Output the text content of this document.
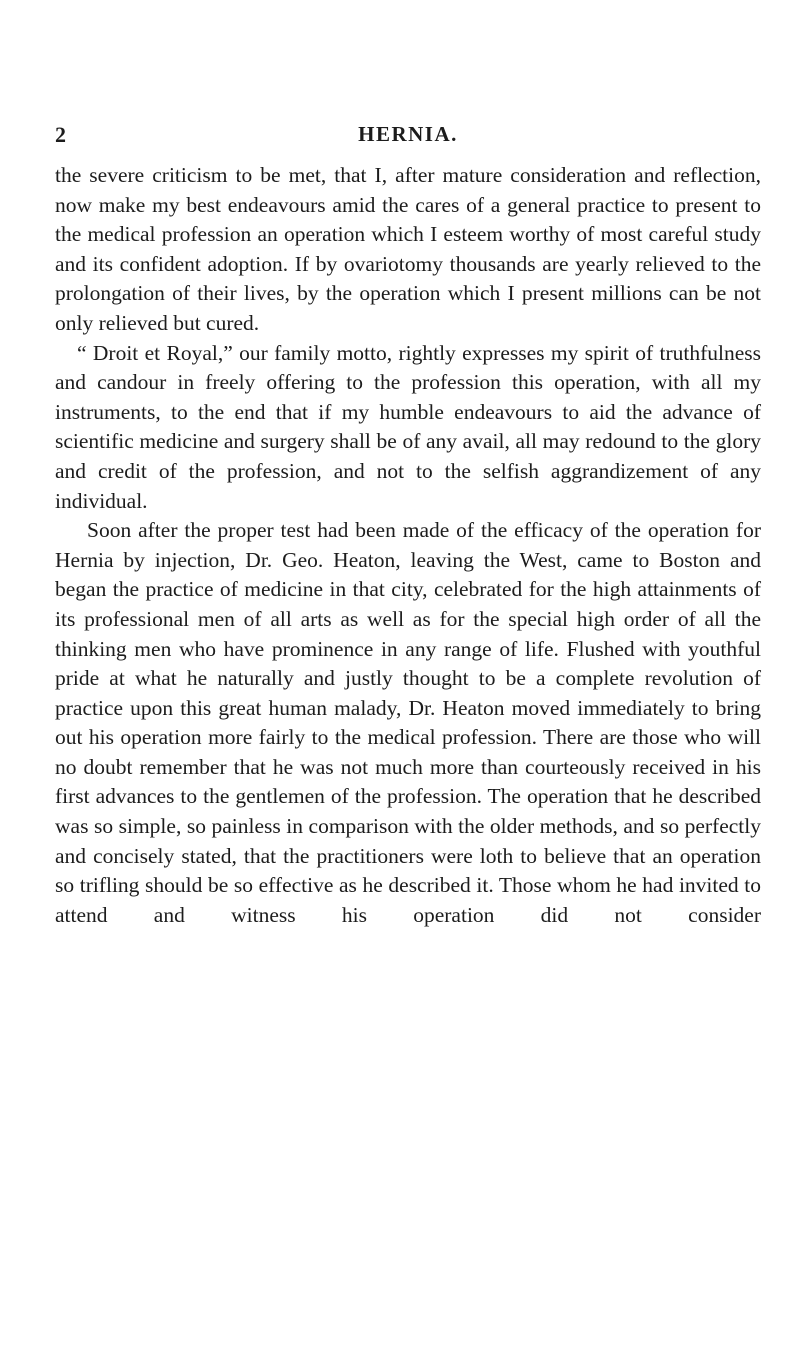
2	HERNIA.

the severe criticism to be met, that I, after mature consideration and reflection, now make my best endeavours amid the cares of a general practice to present to the medical profession an operation which I esteem worthy of most careful study and its confident adoption. If by ovariotomy thousands are yearly relieved to the prolongation of their lives, by the operation which I present millions can be not only relieved but cured.

“ Droit et Royal,” our family motto, rightly expresses my spirit of truthfulness and candour in freely offering to the profession this operation, with all my instruments, to the end that if my humble endeavours to aid the advance of scientific medicine and surgery shall be of any avail, all may redound to the glory and credit of the profession, and not to the selfish aggrandizement of any individual.

Soon after the proper test had been made of the efficacy of the operation for Hernia by injection, Dr. Geo. Heaton, leaving the West, came to Boston and began the practice of medicine in that city, celebrated for the high attainments of its professional men of all arts as well as for the special high order of all the thinking men who have prominence in any range of life. Flushed with youthful pride at what he naturally and justly thought to be a complete revolution of practice upon this great human malady, Dr. Heaton moved immediately to bring out his operation more fairly to the medical profession. There are those who will no doubt remember that he was not much more than courteously received in his first advances to the gentlemen of the profession. The operation that he described was so simple, so painless in comparison with the older methods, and so perfectly and concisely stated, that the practitioners were loth to believe that an operation so trifling should be so effective as he described it. Those whom he had invited to attend and witness his operation did not consider
